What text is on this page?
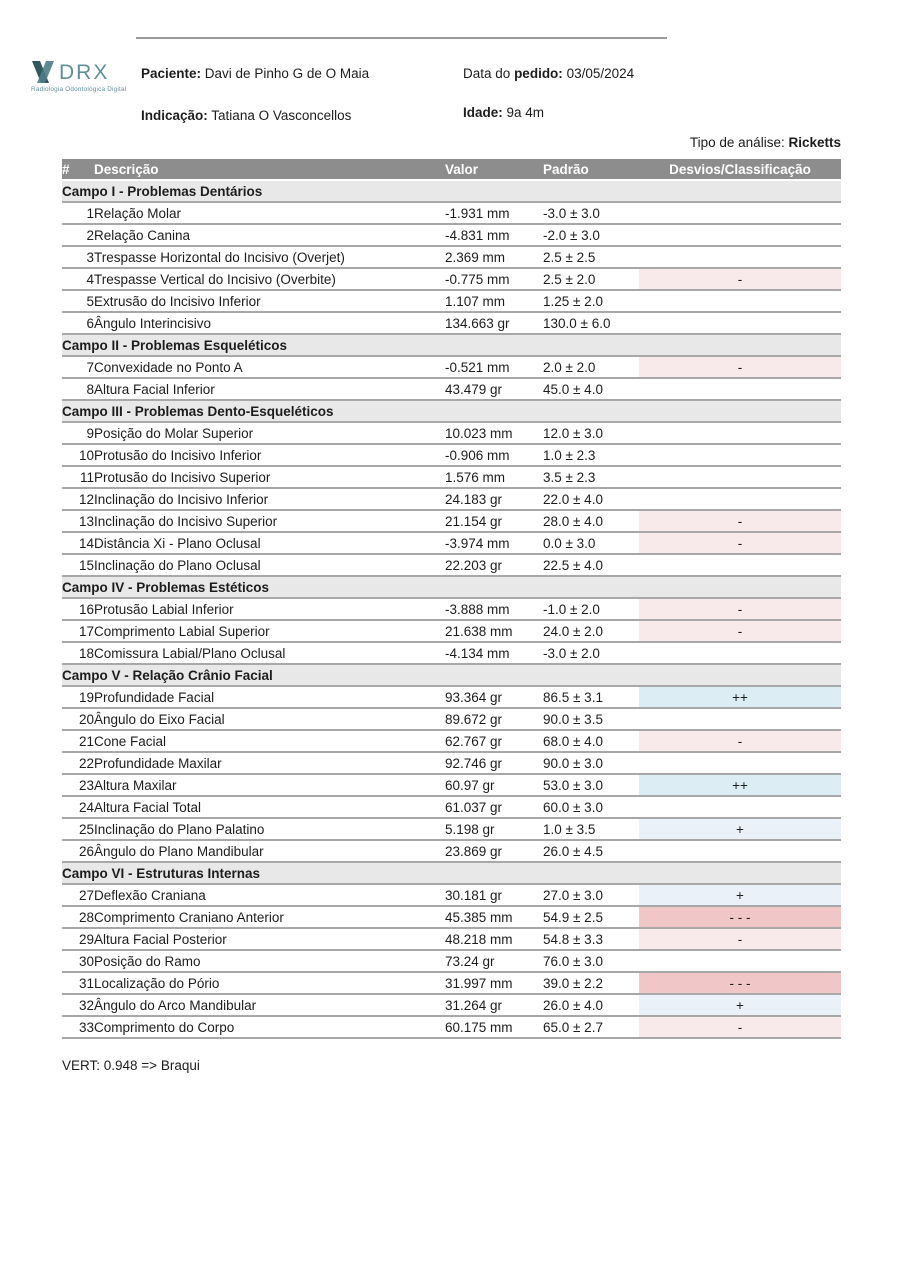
DRX
Radiologia Odontológica Digital
Paciente: Davi de Pinho G de O Maia	Data do pedido: 03/05/2024
Indicação: Tatiana O Vasconcellos	Idade: 9a 4m
Tipo de análise: Ricketts
#	Descrição	Valor	Padrão	Desvios/Classificação
Campo I - Problemas Dentários				
1	Relação Molar	-1.931 mm	-3.0 ± 3.0	
2	Relação Canina	-4.831 mm	-2.0 ± 3.0	
3	Trespasse Horizontal do Incisivo (Overjet)	2.369 mm	2.5 ± 2.5	
4	Trespasse Vertical do Incisivo (Overbite)	-0.775 mm	2.5 ± 2.0	-
5	Extrusão do Incisivo Inferior	1.107 mm	1.25 ± 2.0	
6	Ângulo Interincisivo	134.663 gr	130.0 ± 6.0	
Campo II - Problemas Esqueléticos				
7	Convexidade no Ponto A	-0.521 mm	2.0 ± 2.0	-
8	Altura Facial Inferior	43.479 gr	45.0 ± 4.0	
Campo III - Problemas Dento-Esqueléticos				
9	Posição do Molar Superior	10.023 mm	12.0 ± 3.0	
10	Protusão do Incisivo Inferior	-0.906 mm	1.0 ± 2.3	
11	Protusão do Incisivo Superior	1.576 mm	3.5 ± 2.3	
12	Inclinação do Incisivo Inferior	24.183 gr	22.0 ± 4.0	
13	Inclinação do Incisivo Superior	21.154 gr	28.0 ± 4.0	-
14	Distância Xi - Plano Oclusal	-3.974 mm	0.0 ± 3.0	-
15	Inclinação do Plano Oclusal	22.203 gr	22.5 ± 4.0	
Campo IV - Problemas Estéticos				
16	Protusão Labial Inferior	-3.888 mm	-1.0 ± 2.0	-
17	Comprimento Labial Superior	21.638 mm	24.0 ± 2.0	-
18	Comissura Labial/Plano Oclusal	-4.134 mm	-3.0 ± 2.0	
Campo V - Relação Crânio Facial				
19	Profundidade Facial	93.364 gr	86.5 ± 3.1	++
20	Ângulo do Eixo Facial	89.672 gr	90.0 ± 3.5	
21	Cone Facial	62.767 gr	68.0 ± 4.0	-
22	Profundidade Maxilar	92.746 gr	90.0 ± 3.0	
23	Altura Maxilar	60.97 gr	53.0 ± 3.0	++
24	Altura Facial Total	61.037 gr	60.0 ± 3.0	
25	Inclinação do Plano Palatino	5.198 gr	1.0 ± 3.5	+
26	Ângulo do Plano Mandibular	23.869 gr	26.0 ± 4.5	
Campo VI - Estruturas Internas				
27	Deflexão Craniana	30.181 gr	27.0 ± 3.0	+
28	Comprimento Craniano Anterior	45.385 mm	54.9 ± 2.5	- - -
29	Altura Facial Posterior	48.218 mm	54.8 ± 3.3	-
30	Posição do Ramo	73.24 gr	76.0 ± 3.0	
31	Localização do Pório	31.997 mm	39.0 ± 2.2	- - -
32	Ângulo do Arco Mandibular	31.264 gr	26.0 ± 4.0	+
33	Comprimento do Corpo	60.175 mm	65.0 ± 2.7	-
VERT: 0.948 => Braqui
